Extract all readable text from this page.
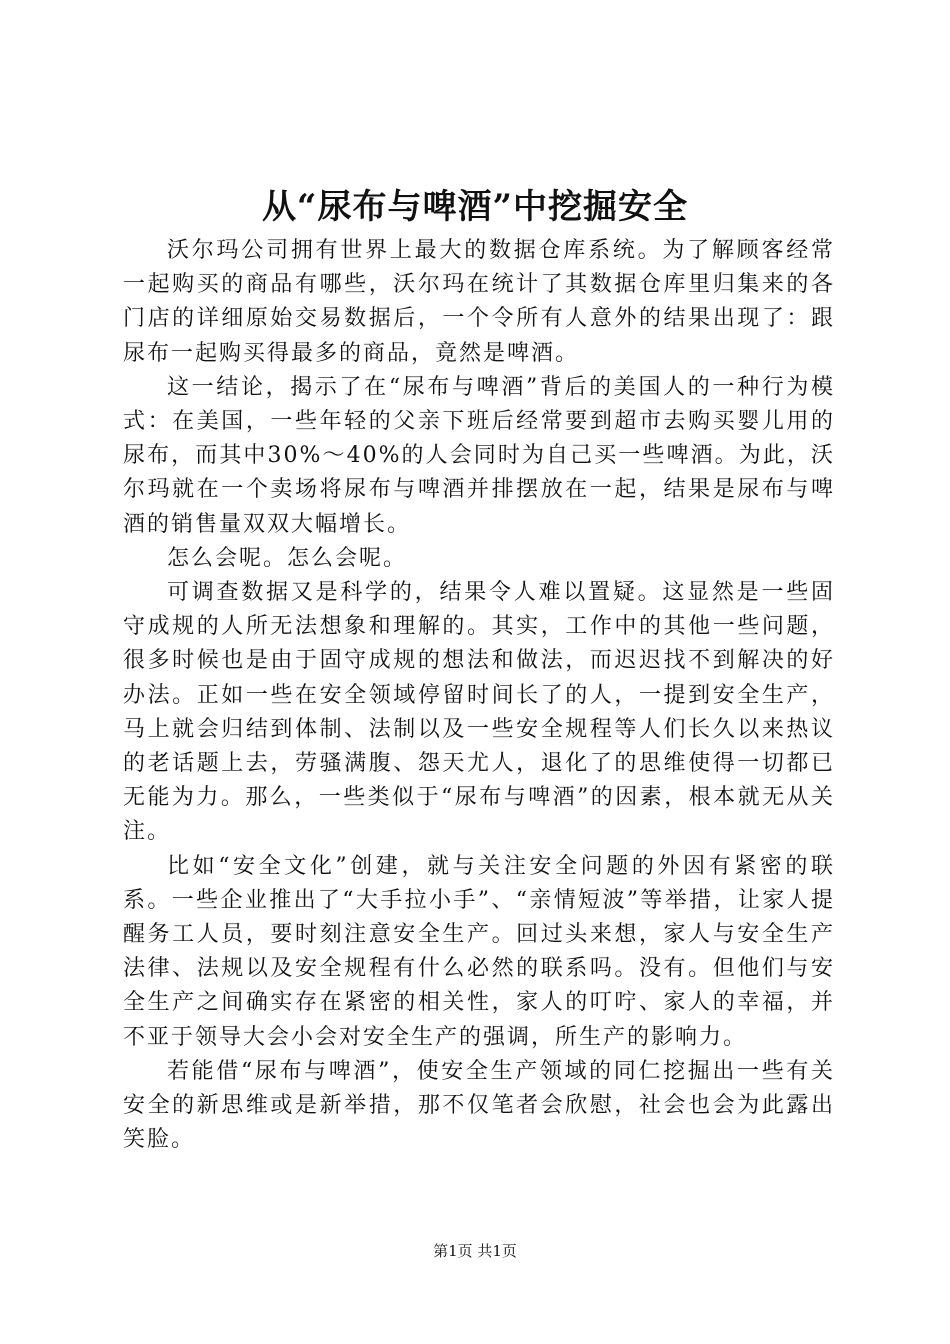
从“尿布与啤酒”中挖掘安全

沃尔玛公司拥有世界上最大的数据仓库系统。为了解顾客经常一起购买的商品有哪些，沃尔玛在统计了其数据仓库里归集来的各门店的详细原始交易数据后，一个令所有人意外的结果出现了：跟尿布一起购买得最多的商品，竟然是啤酒。

这一结论，揭示了在“尿布与啤酒”背后的美国人的一种行为模式：在美国，一些年轻的父亲下班后经常要到超市去购买婴儿用的尿布，而其中30%～40%的人会同时为自己买一些啤酒。为此，沃尔玛就在一个卖场将尿布与啤酒并排摆放在一起，结果是尿布与啤酒的销售量双双大幅增长。

怎么会呢。怎么会呢。

可调查数据又是科学的，结果令人难以置疑。这显然是一些固守成规的人所无法想象和理解的。其实，工作中的其他一些问题，很多时候也是由于固守成规的想法和做法，而迟迟找不到解决的好办法。正如一些在安全领域停留时间长了的人，一提到安全生产，马上就会归结到体制、法制以及一些安全规程等人们长久以来热议的老话题上去，劳骚满腹、怨天尤人，退化了的思维使得一切都已无能为力。那么，一些类似于“尿布与啤酒”的因素，根本就无从关注。

比如“安全文化”创建，就与关注安全问题的外因有紧密的联系。一些企业推出了“大手拉小手”、“亲情短波”等举措，让家人提醒务工人员，要时刻注意安全生产。回过头来想，家人与安全生产法律、法规以及安全规程有什么必然的联系吗。没有。但他们与安全生产之间确实存在紧密的相关性，家人的叮咛、家人的幸福，并不亚于领导大会小会对安全生产的强调，所生产的影响力。

若能借“尿布与啤酒”，使安全生产领域的同仁挖掘出一些有关安全的新思维或是新举措，那不仅笔者会欣慰，社会也会为此露出笑脸。

第1页 共1页
